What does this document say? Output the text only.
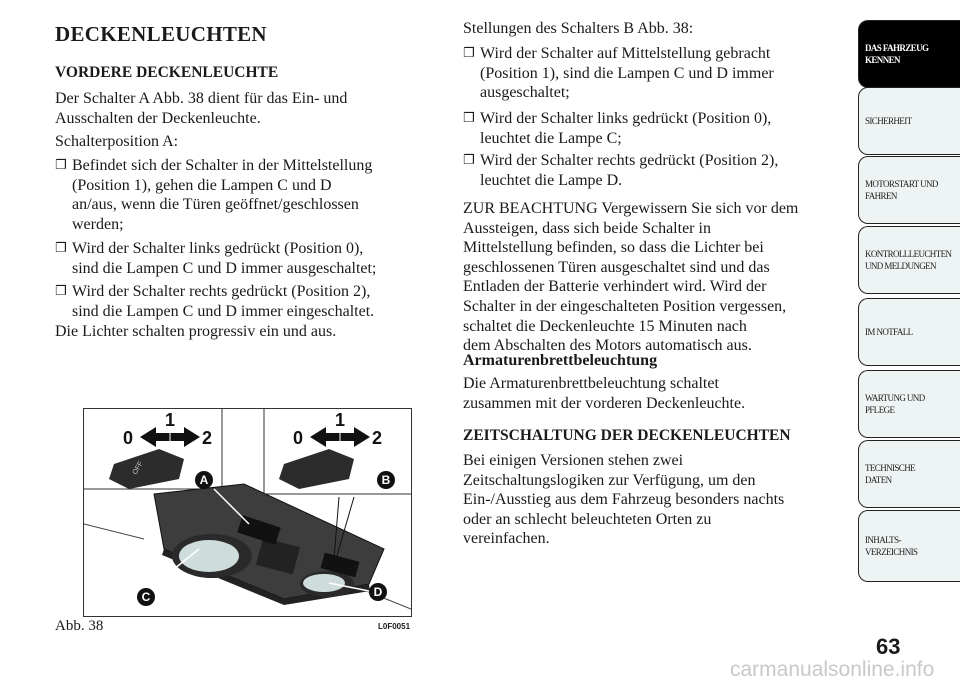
DECKENLEUCHTEN
VORDERE DECKENLEUCHTE

Der Schalter A Abb. 38 dient für das Ein- und
Ausschalten der Deckenleuchte.

Schalterposition A:

❒ Befindet sich der Schalter in der Mittelstellung
(Position 1), gehen die Lampen C und D
an/aus, wenn die Türen geöffnet/geschlossen
werden;
❒ Wird der Schalter links gedrückt (Position 0),
sind die Lampen C und D immer ausgeschaltet;
❒ Wird der Schalter rechts gedrückt (Position 2),
sind die Lampen C und D immer eingeschaltet.

Die Lichter schalten progressiv ein und aus.

OFF
0
1
2	0
1
2
A	B
C	D
Abb. 38	L0F0051

Stellungen des Schalters B Abb. 38:

❒ Wird der Schalter auf Mittelstellung gebracht
(Position 1), sind die Lampen C und D immer
ausgeschaltet;
❒ Wird der Schalter links gedrückt (Position 0),
leuchtet die Lampe C;
❒ Wird der Schalter rechts gedrückt (Position 2),
leuchtet die Lampe D.

ZUR BEACHTUNG Vergewissern Sie sich vor dem
Aussteigen, dass sich beide Schalter in
Mittelstellung befinden, so dass die Lichter bei
geschlossenen Türen ausgeschaltet sind und das
Entladen der Batterie verhindert wird. Wird der
Schalter in der eingeschalteten Position vergessen,
schaltet die Deckenleuchte 15 Minuten nach
dem Abschalten des Motors automatisch aus.

Armaturenbrettbeleuchtung

Die Armaturenbrettbeleuchtung schaltet
zusammen mit der vorderen Deckenleuchte.

ZEITSCHALTUNG DER DECKENLEUCHTEN

Bei einigen Versionen stehen zwei
Zeitschaltungslogiken zur Verfügung, um den
Ein-/Ausstieg aus dem Fahrzeug besonders nachts
oder an schlecht beleuchteten Orten zu
vereinfachen.

DAS FAHRZEUG
KENNEN
SICHERHEIT
MOTORSTART UND
FAHREN
KONTROLLLEUCHTEN
UND MELDUNGEN
IM NOTFALL
WARTUNG UND
PFLEGE
TECHNISCHE
DATEN
INHALTS-
VERZEICHNIS
63
carmanualsonline.info
